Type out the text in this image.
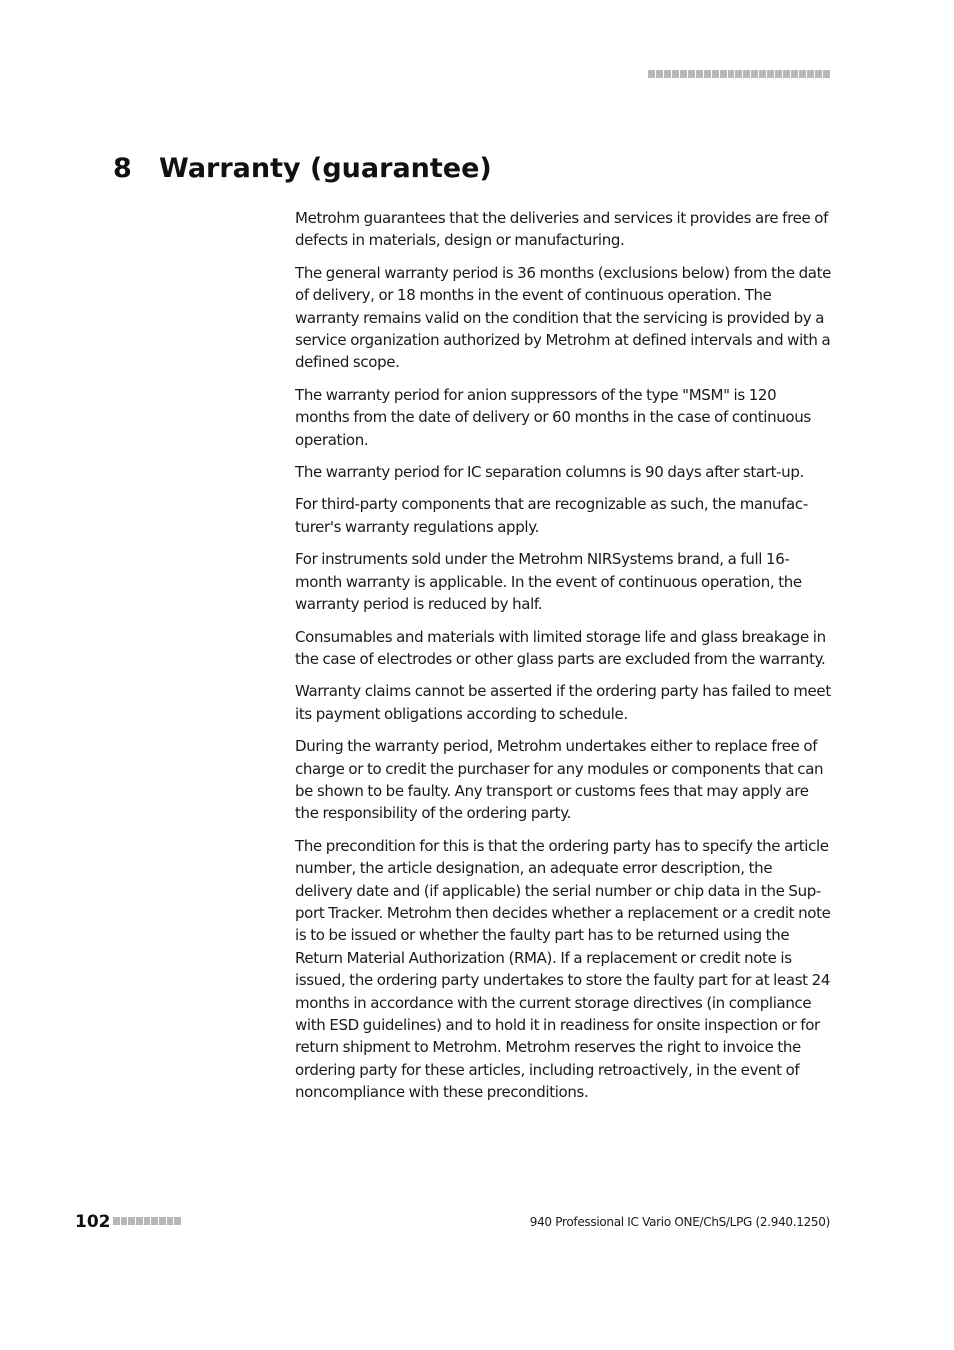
8 Warranty (guarantee)

Metrohm guarantees that the deliveries and services it provides are free of defects in materials, design or manufacturing.

The general warranty period is 36 months (exclusions below) from the date of delivery, or 18 months in the event of continuous operation. The warranty remains valid on the condition that the servicing is provided by a service organization authorized by Metrohm at defined intervals and with a defined scope.

The warranty period for anion suppressors of the type "MSM" is 120 months from the date of delivery or 60 months in the case of continuous operation.

The warranty period for IC separation columns is 90 days after start-up.

For third-party components that are recognizable as such, the manufacturer's warranty regulations apply.

For instruments sold under the Metrohm NIRSystems brand, a full 16-month warranty is applicable. In the event of continuous operation, the warranty period is reduced by half.

Consumables and materials with limited storage life and glass breakage in the case of electrodes or other glass parts are excluded from the warranty.

Warranty claims cannot be asserted if the ordering party has failed to meet its payment obligations according to schedule.

During the warranty period, Metrohm undertakes either to replace free of charge or to credit the purchaser for any modules or components that can be shown to be faulty. Any transport or customs fees that may apply are the responsibility of the ordering party.

The precondition for this is that the ordering party has to specify the article number, the article designation, an adequate error description, the delivery date and (if applicable) the serial number or chip data in the Support Tracker. Metrohm then decides whether a replacement or a credit note is to be issued or whether the faulty part has to be returned using the Return Material Authorization (RMA). If a replacement or credit note is issued, the ordering party undertakes to store the faulty part for at least 24 months in accordance with the current storage directives (in compliance with ESD guidelines) and to hold it in readiness for onsite inspection or for return shipment to Metrohm. Metrohm reserves the right to invoice the ordering party for these articles, including retroactively, in the event of noncompliance with these preconditions.

102	940 Professional IC Vario ONE/ChS/LPG (2.940.1250)
